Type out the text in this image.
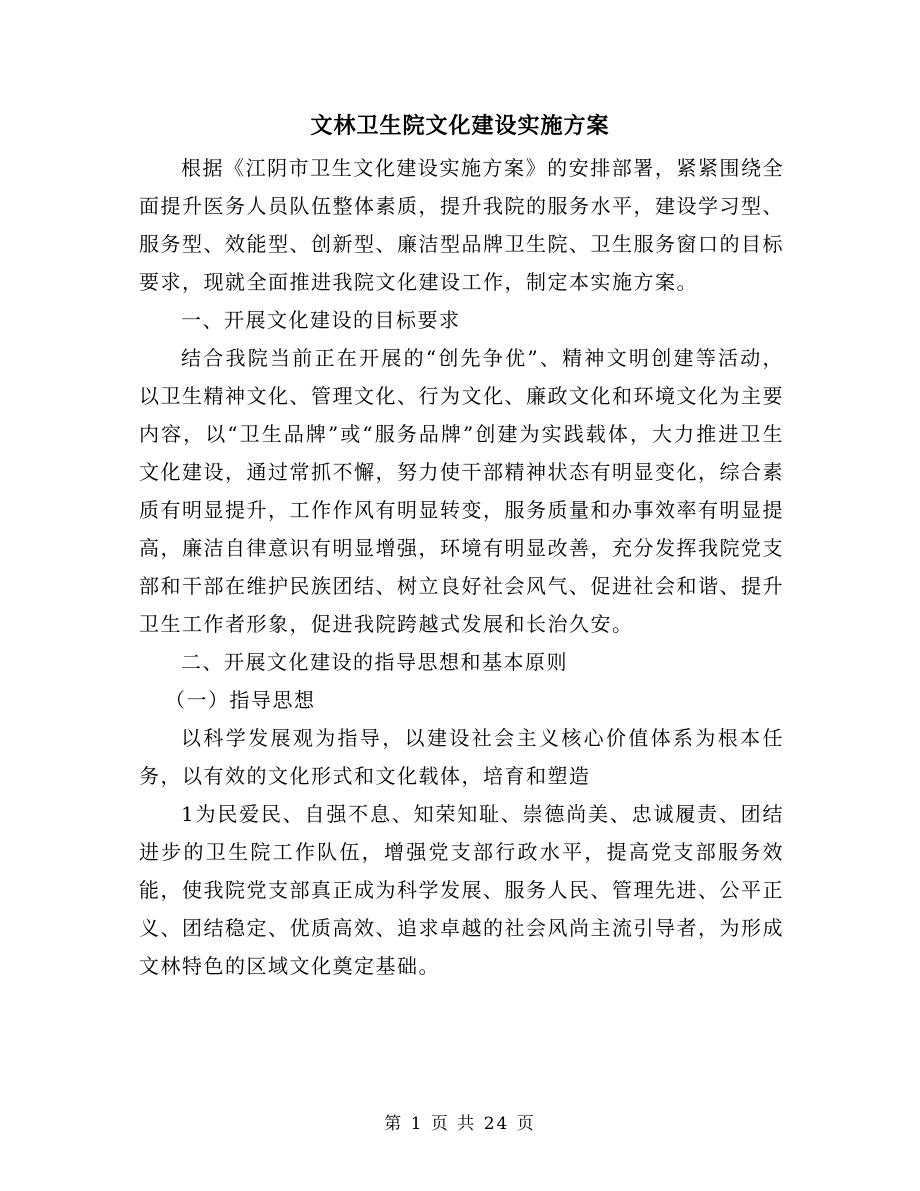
文林卫生院文化建设实施方案

根据《江阴市卫生文化建设实施方案》的安排部署，紧紧围绕全面提升医务人员队伍整体素质，提升我院的服务水平，建设学习型、服务型、效能型、创新型、廉洁型品牌卫生院、卫生服务窗口的目标要求，现就全面推进我院文化建设工作，制定本实施方案。

一、开展文化建设的目标要求

结合我院当前正在开展的“创先争优”、精神文明创建等活动，以卫生精神文化、管理文化、行为文化、廉政文化和环境文化为主要内容，以“卫生品牌”或“服务品牌”创建为实践载体，大力推进卫生文化建设，通过常抓不懈，努力使干部精神状态有明显变化，综合素质有明显提升，工作作风有明显转变，服务质量和办事效率有明显提高，廉洁自律意识有明显增强，环境有明显改善，充分发挥我院党支部和干部在维护民族团结、树立良好社会风气、促进社会和谐、提升卫生工作者形象，促进我院跨越式发展和长治久安。

二、开展文化建设的指导思想和基本原则

（一）指导思想

以科学发展观为指导，以建设社会主义核心价值体系为根本任务，以有效的文化形式和文化载体，培育和塑造

1为民爱民、自强不息、知荣知耻、崇德尚美、忠诚履责、团结进步的卫生院工作队伍，增强党支部行政水平，提高党支部服务效能，使我院党支部真正成为科学发展、服务人民、管理先进、公平正义、团结稳定、优质高效、追求卓越的社会风尚主流引导者，为形成文林特色的区域文化奠定基础。

第 1 页 共 24 页
